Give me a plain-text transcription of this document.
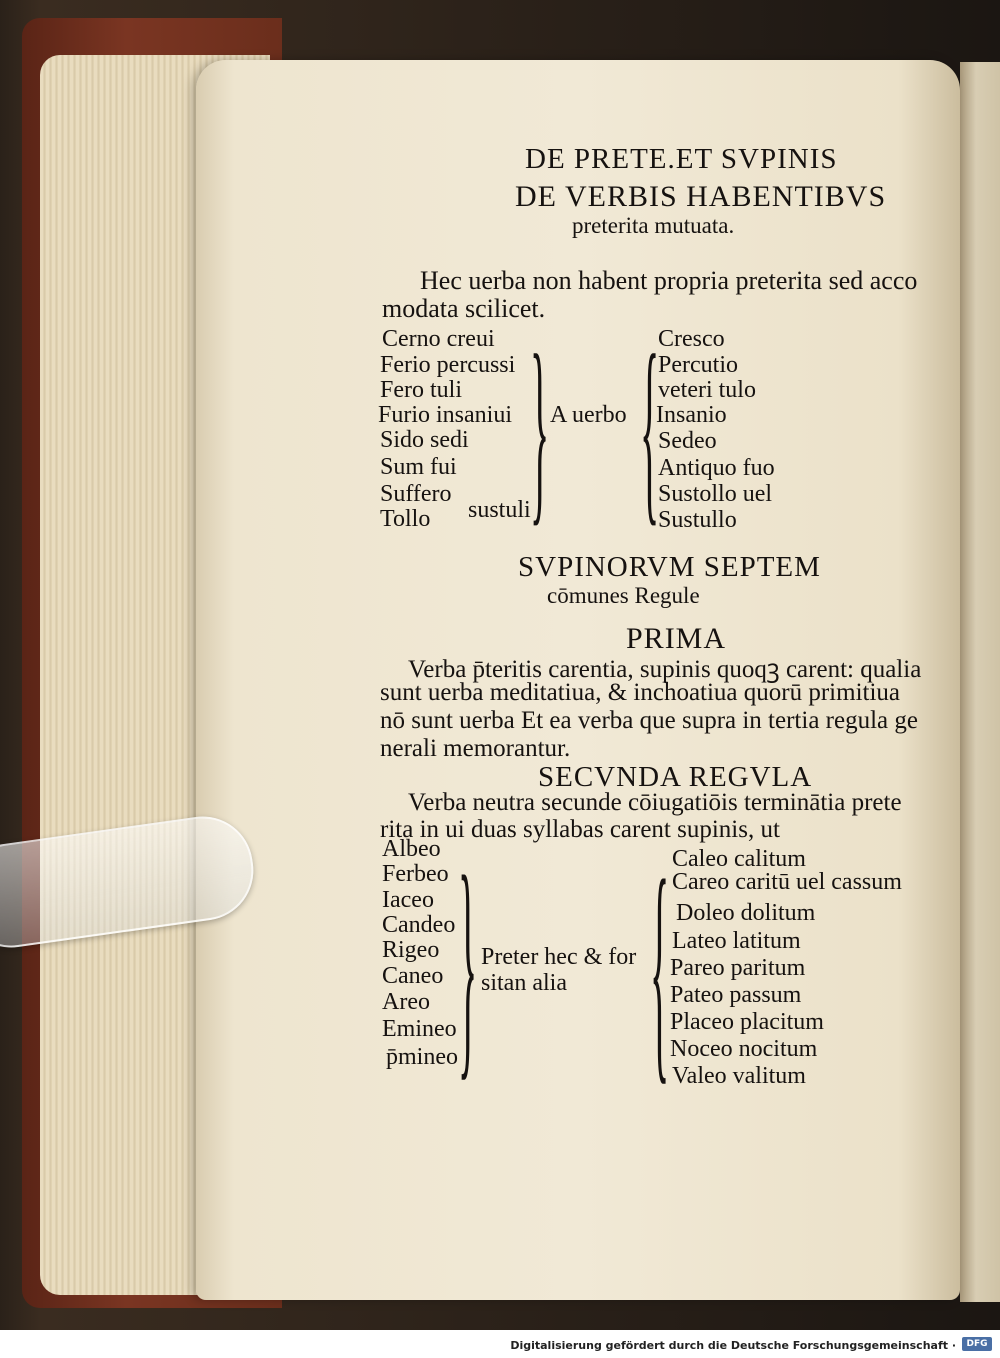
DE PRETE.ET SVPINIS
DE VERBIS HABENTIBVS
preterita mutuata.
Hec uerba non habent propria preterita sed acco
modata scilicet.
Cerno creui
Ferio percussi
Fero tuli
Furio insaniui
Sido sedi
Sum fui
Suffero
Tollo sustuli } A uerbo {
Cresco
Percutio
veteri tulo
Insanio
Sedeo
Antiquo fuo
Sustollo uel
Sustullo
SVPINORVM SEPTEM
cōmunes Regule
PRIMA
Verba p̄teritis carentia, supinis quoqꝫ carent: qualia
sunt uerba meditatiua, & inchoatiua quorū primitiua
nō sunt uerba Et ea verba que supra in tertia regula ge
nerali memorantur.
SECVNDA REGVLA
Verba neutra secunde cōiugatiōis terminātia prete
rita in ui duas syllabas carent supinis, ut
Albeo
Ferbeo
Iaceo
Candeo
Rigeo
Caneo
Areo
Emineo
p̄mineo } Preter hec & for
sitan alia { Caleo calitum
Careo caritū uel cassum
Doleo dolitum
Lateo latitum
Pareo paritum
Pateo passum
Placeo placitum
Noceo nocitum
Valeo valitum
Digitalisierung gefördert durch die Deutsche Forschungsgemeinschaft ·	DFG
